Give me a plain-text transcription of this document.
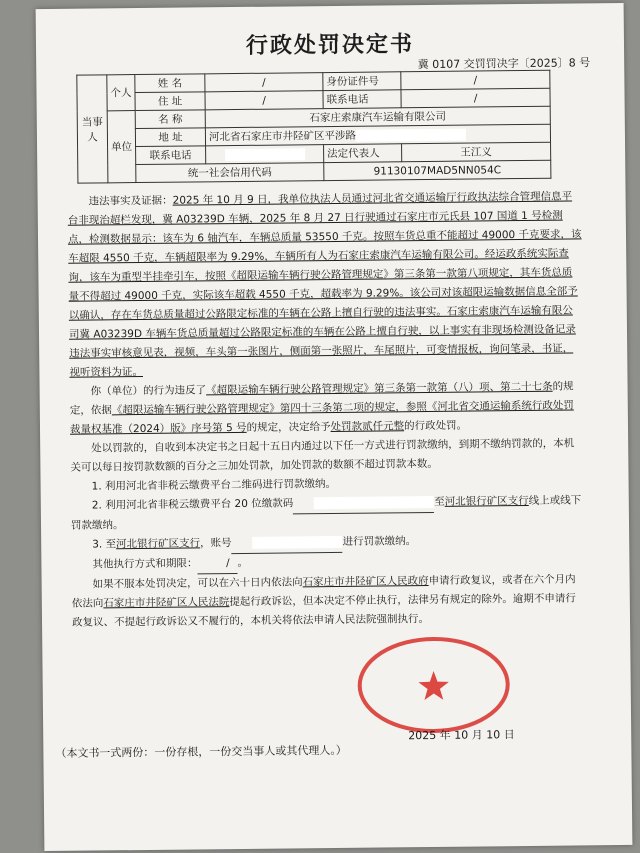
行政处罚决定书
冀 0107 交罚罚决字〔2025〕8 号
当事人	个人	姓 名	/	身份证件号	/
		住 址	/	联系电话	/
	单位	名 称	石家庄索康汽车运输有限公司		
		地 址	河北省石家庄市井陉矿区平涉路		
		联系电话		法定代表人	王江义
		统一社会信用代码		91130107MAD5NN054C	

违法事实及证据：2025 年 10 月 9 日，我单位执法人员通过河北省交通运输厅行政执法综合管理信息平台非现治超栏发现，冀 A03239D 车辆，2025 年 8 月 27 日行驶通过石家庄市元氏县 107 国道 1 号检测点，检测数据显示：该车为 6 轴汽车，车辆总质量 53550 千克。按照车货总重不能超过 49000 千克要求，该车超限 4550 千克，车辆超限率为 9.29%，车辆所有人为石家庄索康汽车运输有限公司。经运政系统实际查询，该车为重型半挂牵引车，按照《超限运输车辆行驶公路管理规定》第三条第一款第八项规定，其车货总质量不得超过 49000 千克，实际该车超载 4550 千克，超载率为 9.29%。该公司对该超限运输数据信息全部予以确认，存在车货总质量超过公路限定标准的车辆在公路上擅自行驶的违法事实。石家庄索康汽车运输有限公司冀 A03239D 车辆车货总质量超过公路限定标准的车辆在公路上擅自行驶，以上事实有非现场检测设备记录违法事实审核意见表，视频，车头第一张图片，侧面第一张照片，车尾照片，可变情报板，询问笔录，书证，视听资料为证。

你（单位）的行为违反了《超限运输车辆行驶公路管理规定》第三条第一款第（八）项、第二十七条的规定，依据《超限运输车辆行驶公路管理规定》第四十三条第二项的规定，参照《河北省交通运输系统行政处罚裁量权基准（2024）版》序号第 5 号的规定，决定给予处罚款贰仟元整的行政处罚。

处以罚款的，自收到本决定书之日起十五日内通过以下任一方式进行罚款缴纳，到期不缴纳罚款的，本机关可以每日按罚款数额的百分之三加处罚款，加处罚款的数额不超过罚款本数。

1. 利用河北省非税云缴费平台二维码进行罚款缴纳。

2. 利用河北省非税云缴费平台 20 位缴款码	至河北银行矿区支行线上或线下罚款缴纳。

3. 至河北银行矿区支行，账号	进行罚款缴纳。

其他执行方式和期限：	/ 。

如果不服本处罚决定，可以在六十日内依法向石家庄市井陉矿区人民政府申请行政复议，或者在六个月内依法向石家庄市井陉矿区人民法院提起行政诉讼，但本决定不停止执行，法律另有规定的除外。逾期不申请行政复议、不提起行政诉讼又不履行的，本机关将依法申请人民法院强制执行。

2025 年 10 月 10 日
（本文书一式两份：一份存根，一份交当事人或其代理人。）
